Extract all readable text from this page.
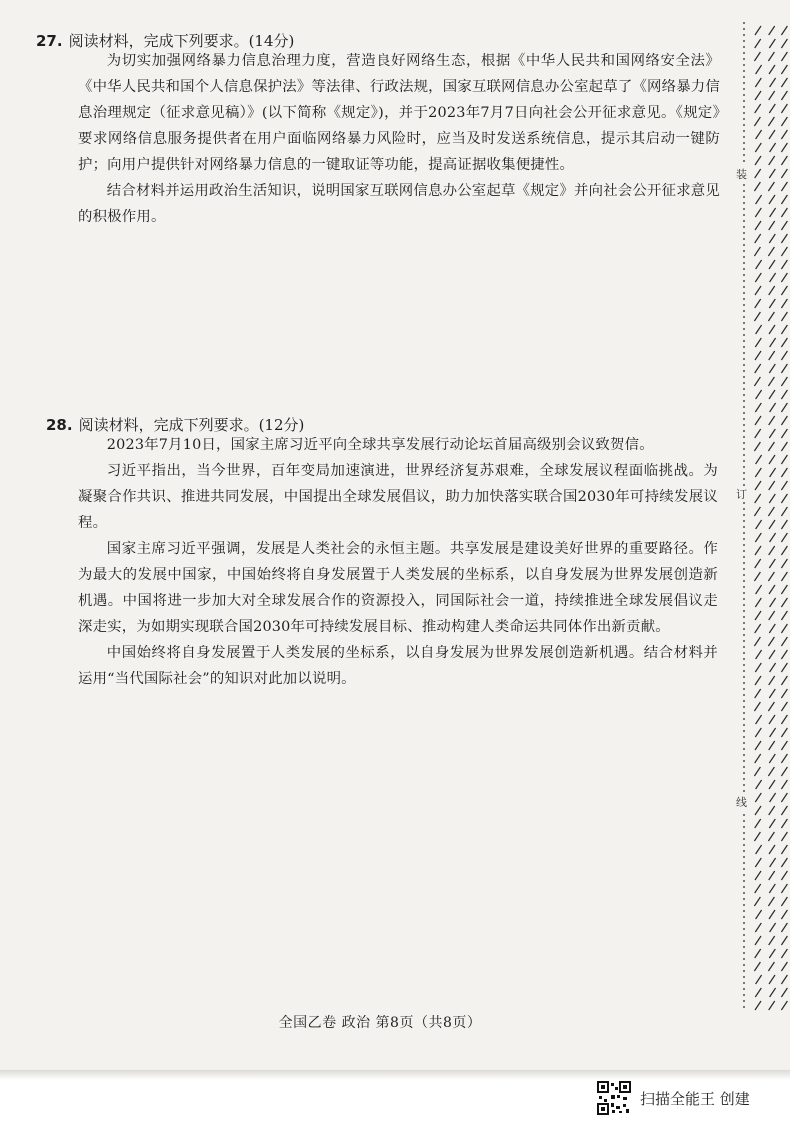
27. 阅读材料，完成下列要求。(14分)

为切实加强网络暴力信息治理力度，营造良好网络生态，根据《中华人民共和国网络安全法》《中华人民共和国个人信息保护法》等法律、行政法规，国家互联网信息办公室起草了《网络暴力信息治理规定（征求意见稿）》(以下简称《规定》)，并于2023年7月7日向社会公开征求意见。《规定》要求网络信息服务提供者在用户面临网络暴力风险时，应当及时发送系统信息，提示其启动一键防护；向用户提供针对网络暴力信息的一键取证等功能，提高证据收集便捷性。

结合材料并运用政治生活知识，说明国家互联网信息办公室起草《规定》并向社会公开征求意见的积极作用。

28. 阅读材料，完成下列要求。(12分)

2023年7月10日，国家主席习近平向全球共享发展行动论坛首届高级别会议致贺信。

习近平指出，当今世界，百年变局加速演进，世界经济复苏艰难，全球发展议程面临挑战。为凝聚合作共识、推进共同发展，中国提出全球发展倡议，助力加快落实联合国2030年可持续发展议程。

国家主席习近平强调，发展是人类社会的永恒主题。共享发展是建设美好世界的重要路径。作为最大的发展中国家，中国始终将自身发展置于人类发展的坐标系，以自身发展为世界发展创造新机遇。中国将进一步加大对全球发展合作的资源投入，同国际社会一道，持续推进全球发展倡议走深走实，为如期实现联合国2030年可持续发展目标、推动构建人类命运共同体作出新贡献。

中国始终将自身发展置于人类发展的坐标系，以自身发展为世界发展创造新机遇。结合材料并运用“当代国际社会”的知识对此加以说明。

装
订
线
全国乙卷 政治 第8页（共8页）
扫描全能王 创建
